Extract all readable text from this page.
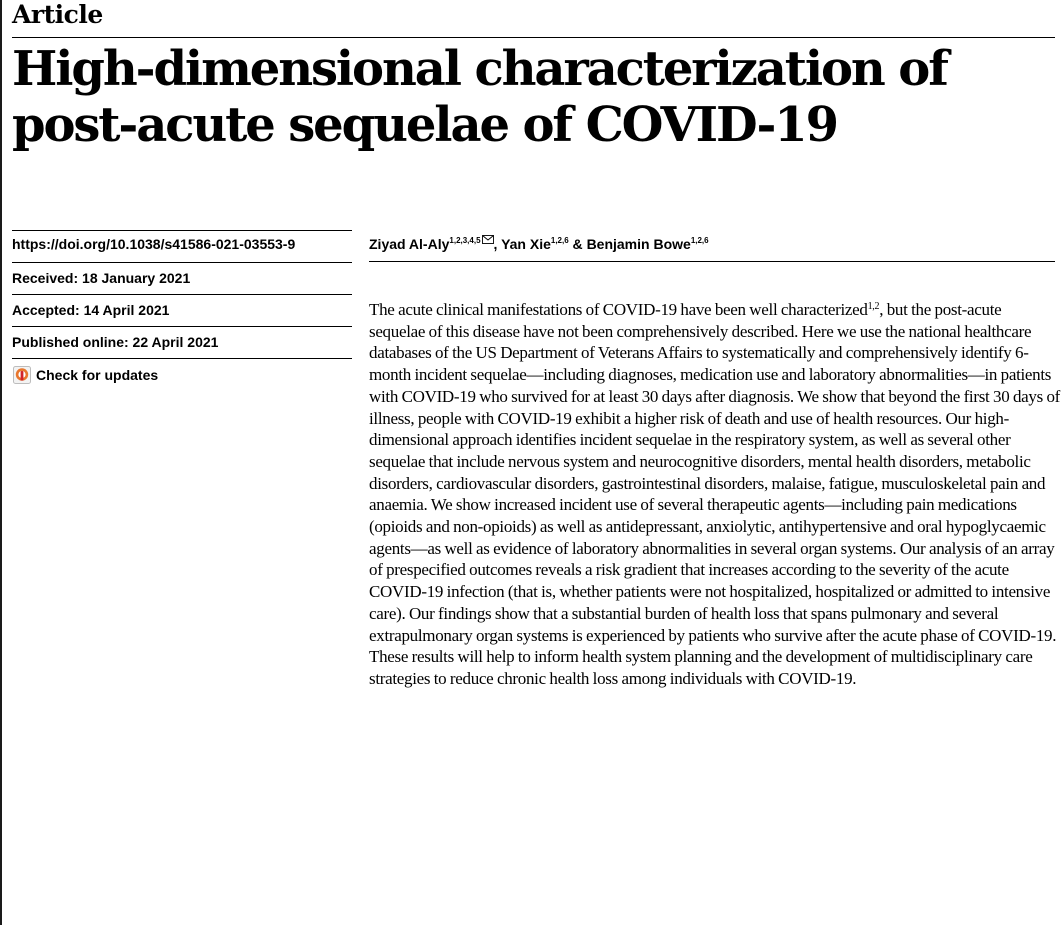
Article
High-dimensional characterization of post-acute sequelae of COVID-19
https://doi.org/10.1038/s41586-021-03553-9
Received: 18 January 2021
Accepted: 14 April 2021
Published online: 22 April 2021
Check for updates
Ziyad Al-Aly$^{1,2,3,4,5}$ , Yan Xie$^{1,2,6}$ & Benjamin Bowe$^{1,2,6}$

The acute clinical manifestations of COVID-19 have been well characterized$^{1,2}$, but the post-acute sequelae of this disease have not been comprehensively described. Here we use the national healthcare databases of the US Department of Veterans Affairs to systematically and comprehensively identify 6-month incident sequelae—including diagnoses, medication use and laboratory abnormalities—in patients with COVID-19 who survived for at least 30 days after diagnosis. We show that beyond the first 30 days of illness, people with COVID-19 exhibit a higher risk of death and use of health resources. Our high-dimensional approach identifies incident sequelae in the respiratory system, as well as several other sequelae that include nervous system and neurocognitive disorders, mental health disorders, metabolic disorders, cardiovascular disorders, gastrointestinal disorders, malaise, fatigue, musculoskeletal pain and anaemia. We show increased incident use of several therapeutic agents—including pain medications (opioids and non-opioids) as well as antidepressant, anxiolytic, antihypertensive and oral hypoglycaemic agents—as well as evidence of laboratory abnormalities in several organ systems. Our analysis of an array of prespecified outcomes reveals a risk gradient that increases according to the severity of the acute COVID-19 infection (that is, whether patients were not hospitalized, hospitalized or admitted to intensive care). Our findings show that a substantial burden of health loss that spans pulmonary and several extrapulmonary organ systems is experienced by patients who survive after the acute phase of COVID-19. These results will help to inform health system planning and the development of multidisciplinary care strategies to reduce chronic health loss among individuals with COVID-19.
